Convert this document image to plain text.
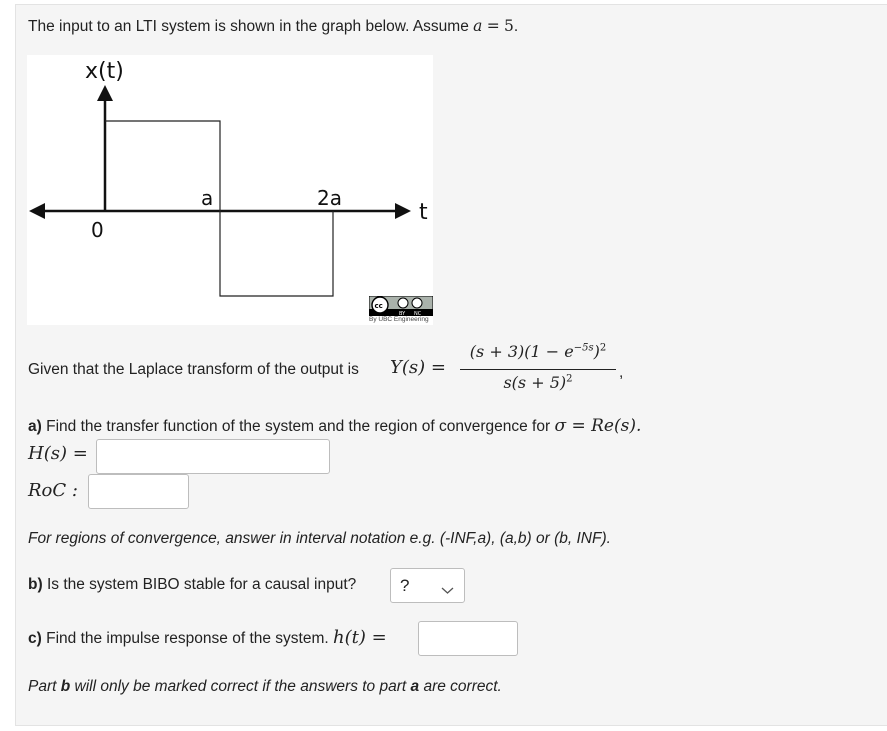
The input to an LTI system is shown in the graph below. Assume a = 5.
x(t)
t
0
a	2a
cc
BY NC
By UBC Engineering
Given that the Laplace transform of the output is Y(s) =
$(s + 3)(1 - e^{-5s})^2$
$s(s + 5)^2$	,
a) Find the transfer function of the system and the region of convergence for σ = Re(s).
H(s) =
RoC :
For regions of convergence, answer in interval notation e.g. (-INF,a), (a,b) or (b, INF).
b) Is the system BIBO stable for a causal input?	?
c) Find the impulse response of the system. h(t) =
Part b will only be marked correct if the answers to part a are correct.
